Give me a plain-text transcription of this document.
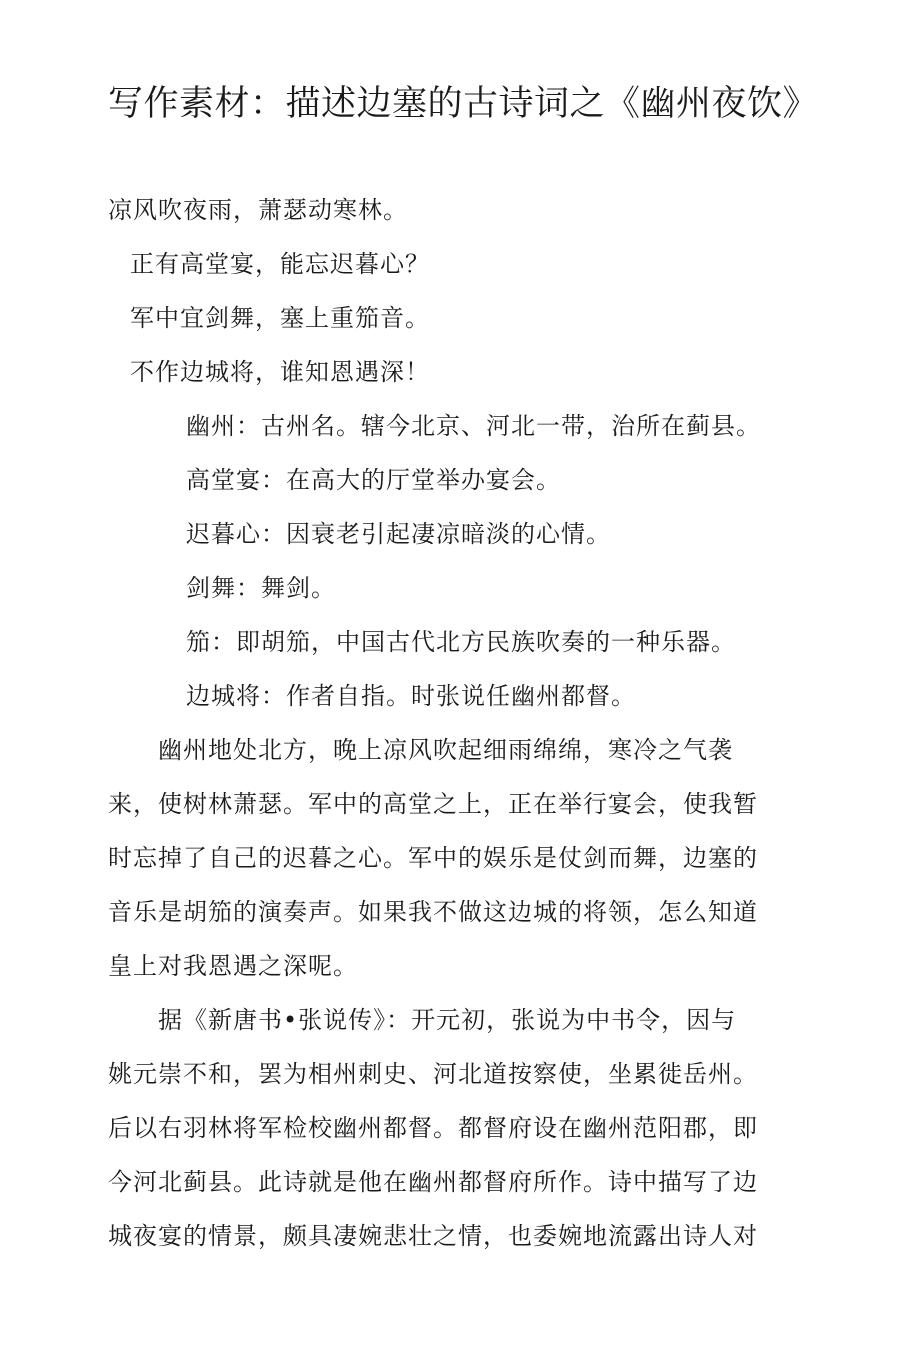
写作素材：描述边塞的古诗词之《幽州夜饮》
凉风吹夜雨，萧瑟动寒林。
正有高堂宴，能忘迟暮心？
军中宜剑舞，塞上重笳音。
不作边城将，谁知恩遇深！
幽州：古州名。辖今北京、河北一带，治所在蓟县。
高堂宴：在高大的厅堂举办宴会。
迟暮心：因衰老引起凄凉暗淡的心情。
剑舞：舞剑。
笳：即胡笳，中国古代北方民族吹奏的一种乐器。
边城将：作者自指。时张说任幽州都督。
　　幽州地处北方，晚上凉风吹起细雨绵绵，寒冷之气袭
来，使树林萧瑟。军中的高堂之上，正在举行宴会，使我暂
时忘掉了自己的迟暮之心。军中的娱乐是仗剑而舞，边塞的
音乐是胡笳的演奏声。如果我不做这边城的将领，怎么知道
皇上对我恩遇之深呢。
　　据《新唐书•张说传》：开元初，张说为中书令，因与
姚元崇不和，罢为相州刺史、河北道按察使，坐累徙岳州。
后以右羽林将军检校幽州都督。都督府设在幽州范阳郡，即
今河北蓟县。此诗就是他在幽州都督府所作。诗中描写了边
城夜宴的情景，颇具凄婉悲壮之情，也委婉地流露出诗人对
